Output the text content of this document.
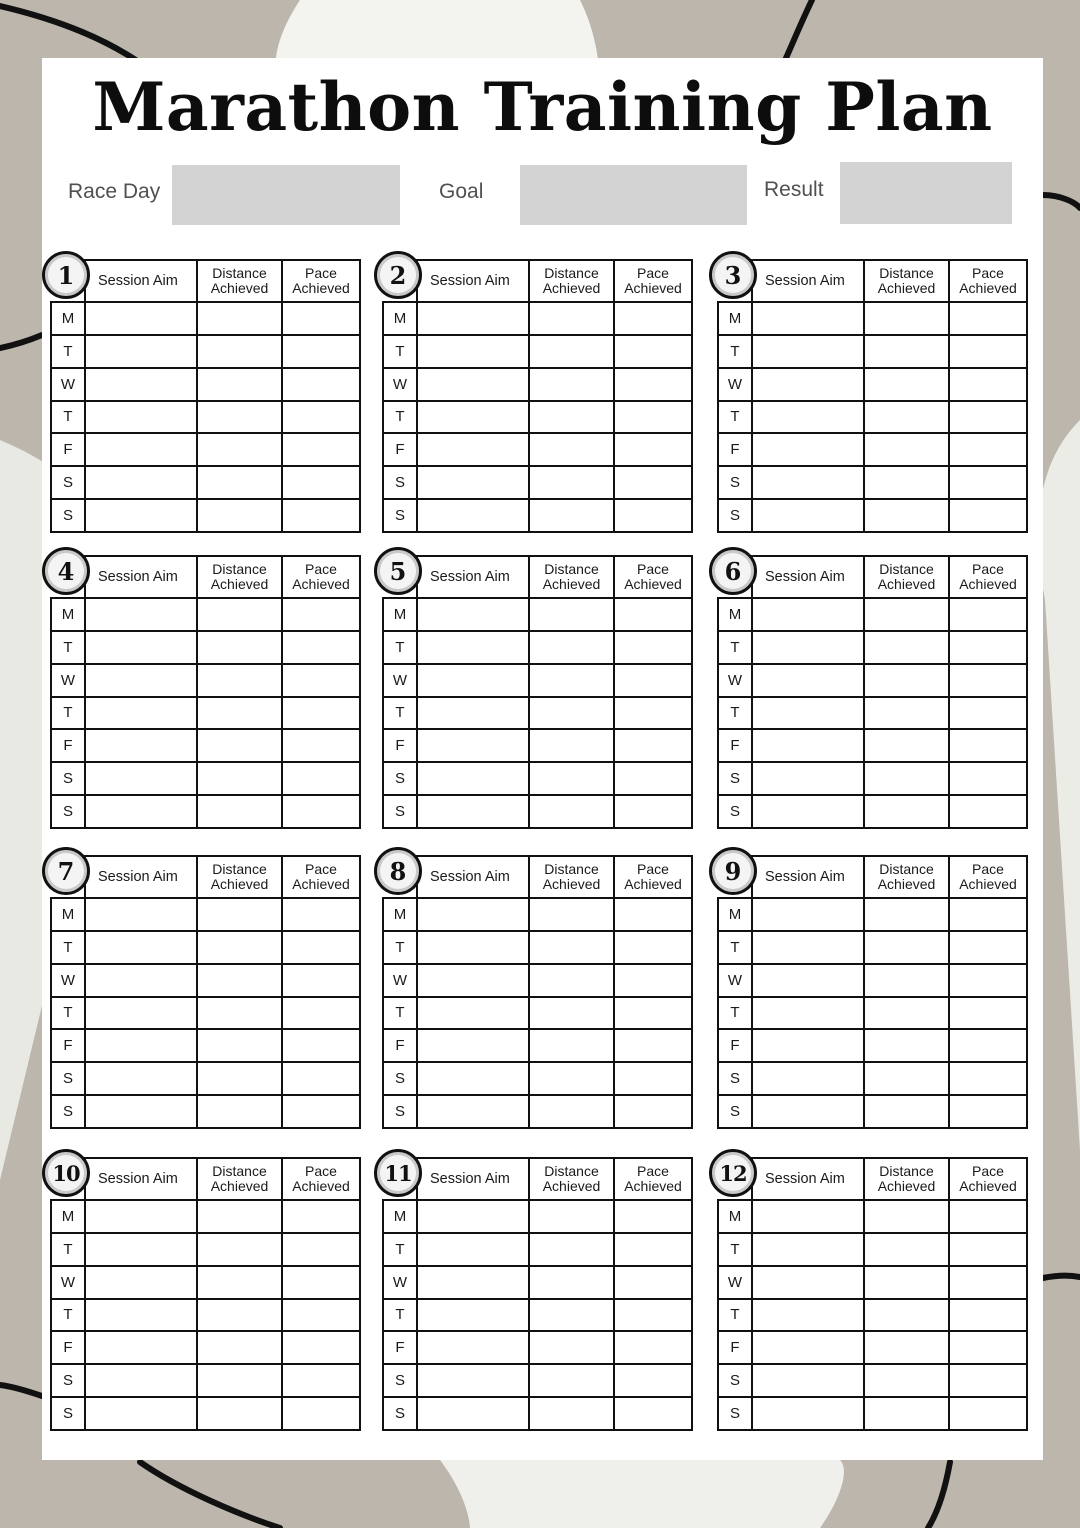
Marathon Training Plan
Race Day	Goal	Result
1
		Session Aim	Distance Achieved	Pace Achieved
M			
T			
W			
T			
F			
S			
S			
2
		Session Aim	Distance Achieved	Pace Achieved
M			
T			
W			
T			
F			
S			
S			
3
		Session Aim	Distance Achieved	Pace Achieved
M			
T			
W			
T			
F			
S			
S			
4
		Session Aim	Distance Achieved	Pace Achieved
M			
T			
W			
T			
F			
S			
S			
5
		Session Aim	Distance Achieved	Pace Achieved
M			
T			
W			
T			
F			
S			
S			
6
		Session Aim	Distance Achieved	Pace Achieved
M			
T			
W			
T			
F			
S			
S			
7
		Session Aim	Distance Achieved	Pace Achieved
M			
T			
W			
T			
F			
S			
S			
8
		Session Aim	Distance Achieved	Pace Achieved
M			
T			
W			
T			
F			
S			
S			
9
		Session Aim	Distance Achieved	Pace Achieved
M			
T			
W			
T			
F			
S			
S			
10
		Session Aim	Distance Achieved	Pace Achieved
M			
T			
W			
T			
F			
S			
S			
11
		Session Aim	Distance Achieved	Pace Achieved
M			
T			
W			
T			
F			
S			
S			
12
		Session Aim	Distance Achieved	Pace Achieved
M			
T			
W			
T			
F			
S			
S			
